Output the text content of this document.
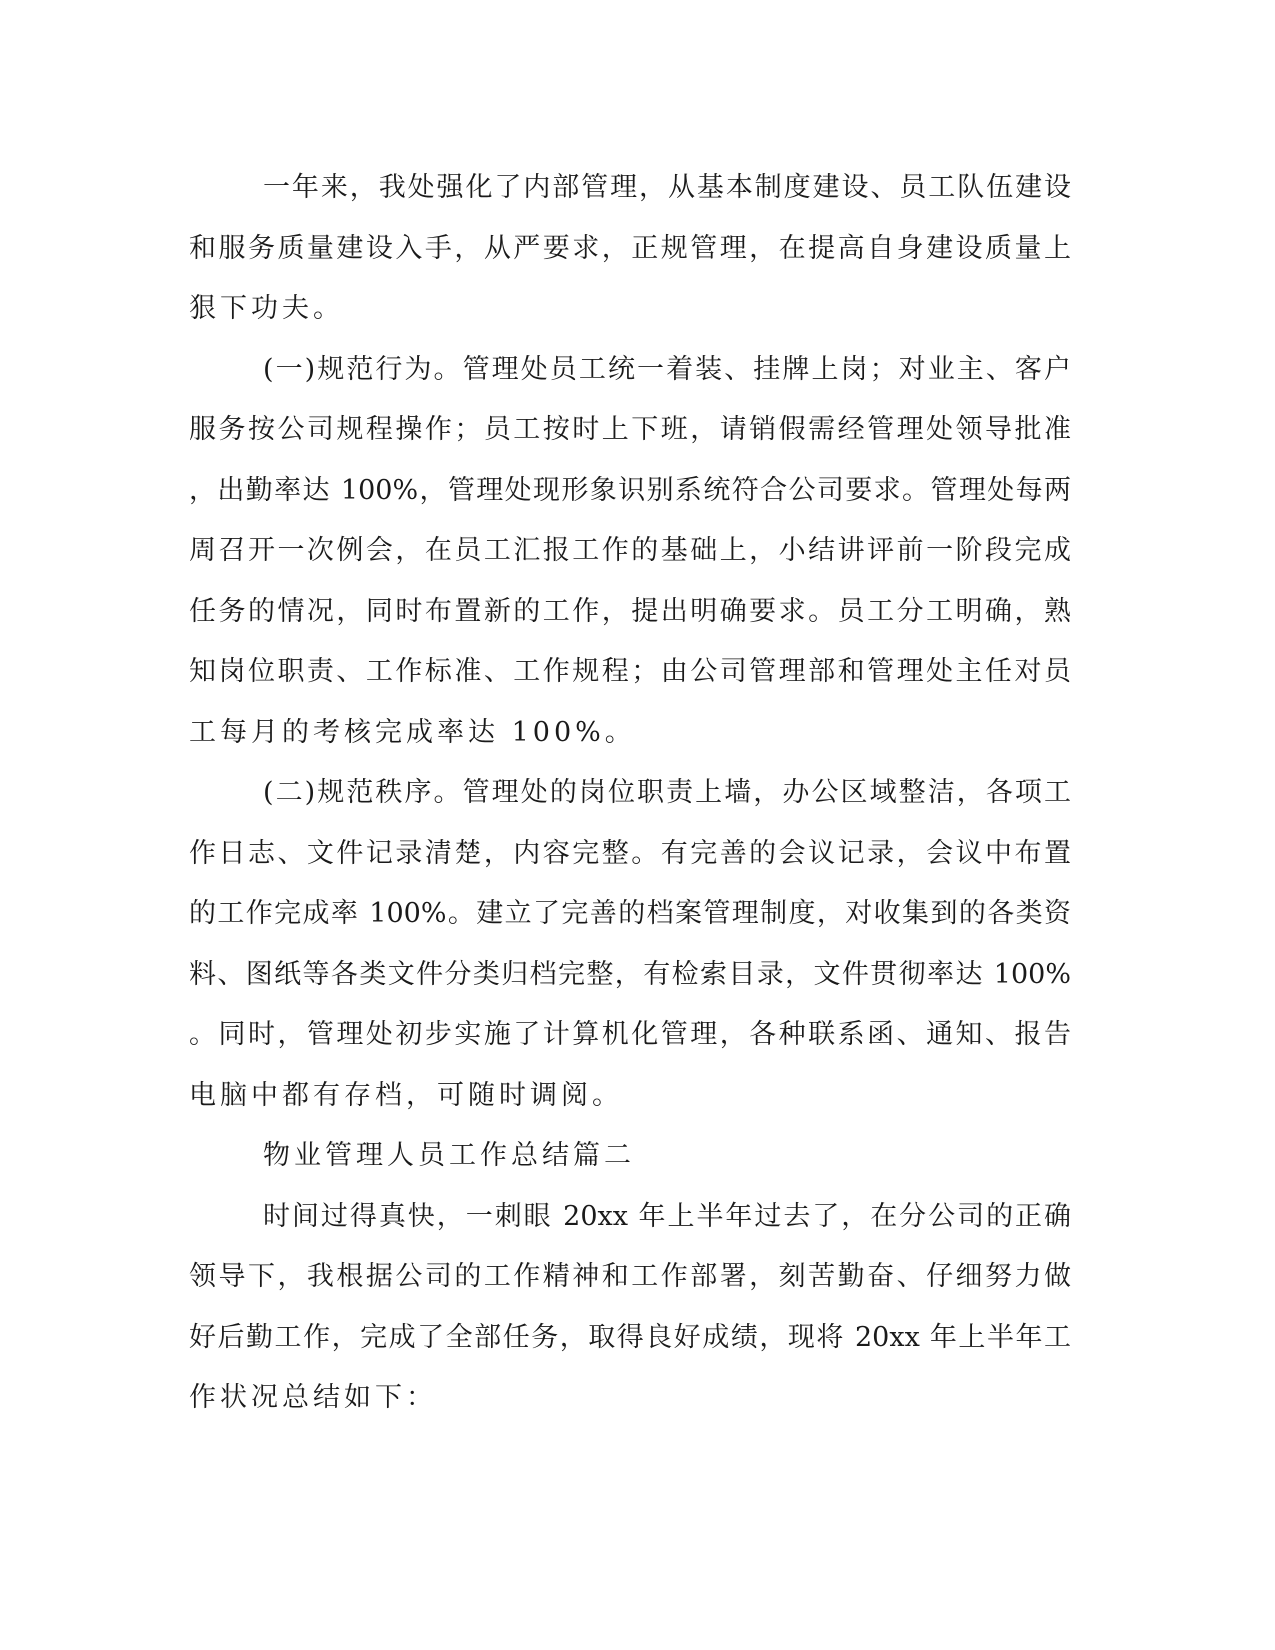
一年来，我处强化了内部管理，从基本制度建设、员工队伍建设
和服务质量建设入手，从严要求，正规管理，在提高自身建设质量上
狠下功夫。
(一)规范行为。管理处员工统一着装、挂牌上岗；对业主、客户
服务按公司规程操作；员工按时上下班，请销假需经管理处领导批准
，出勤率达 100%，管理处现形象识别系统符合公司要求。管理处每两
周召开一次例会，在员工汇报工作的基础上，小结讲评前一阶段完成
任务的情况，同时布置新的工作，提出明确要求。员工分工明确，熟
知岗位职责、工作标准、工作规程；由公司管理部和管理处主任对员
工每月的考核完成率达 100%。
(二)规范秩序。管理处的岗位职责上墙，办公区域整洁，各项工
作日志、文件记录清楚，内容完整。有完善的会议记录，会议中布置
的工作完成率 100%。建立了完善的档案管理制度，对收集到的各类资
料、图纸等各类文件分类归档完整，有检索目录，文件贯彻率达 100%
。同时，管理处初步实施了计算机化管理，各种联系函、通知、报告
电脑中都有存档，可随时调阅。
物业管理人员工作总结篇二
时间过得真快，一刺眼 20xx 年上半年过去了，在分公司的正确
领导下，我根据公司的工作精神和工作部署，刻苦勤奋、仔细努力做
好后勤工作，完成了全部任务，取得良好成绩，现将 20xx 年上半年工
作状况总结如下：
